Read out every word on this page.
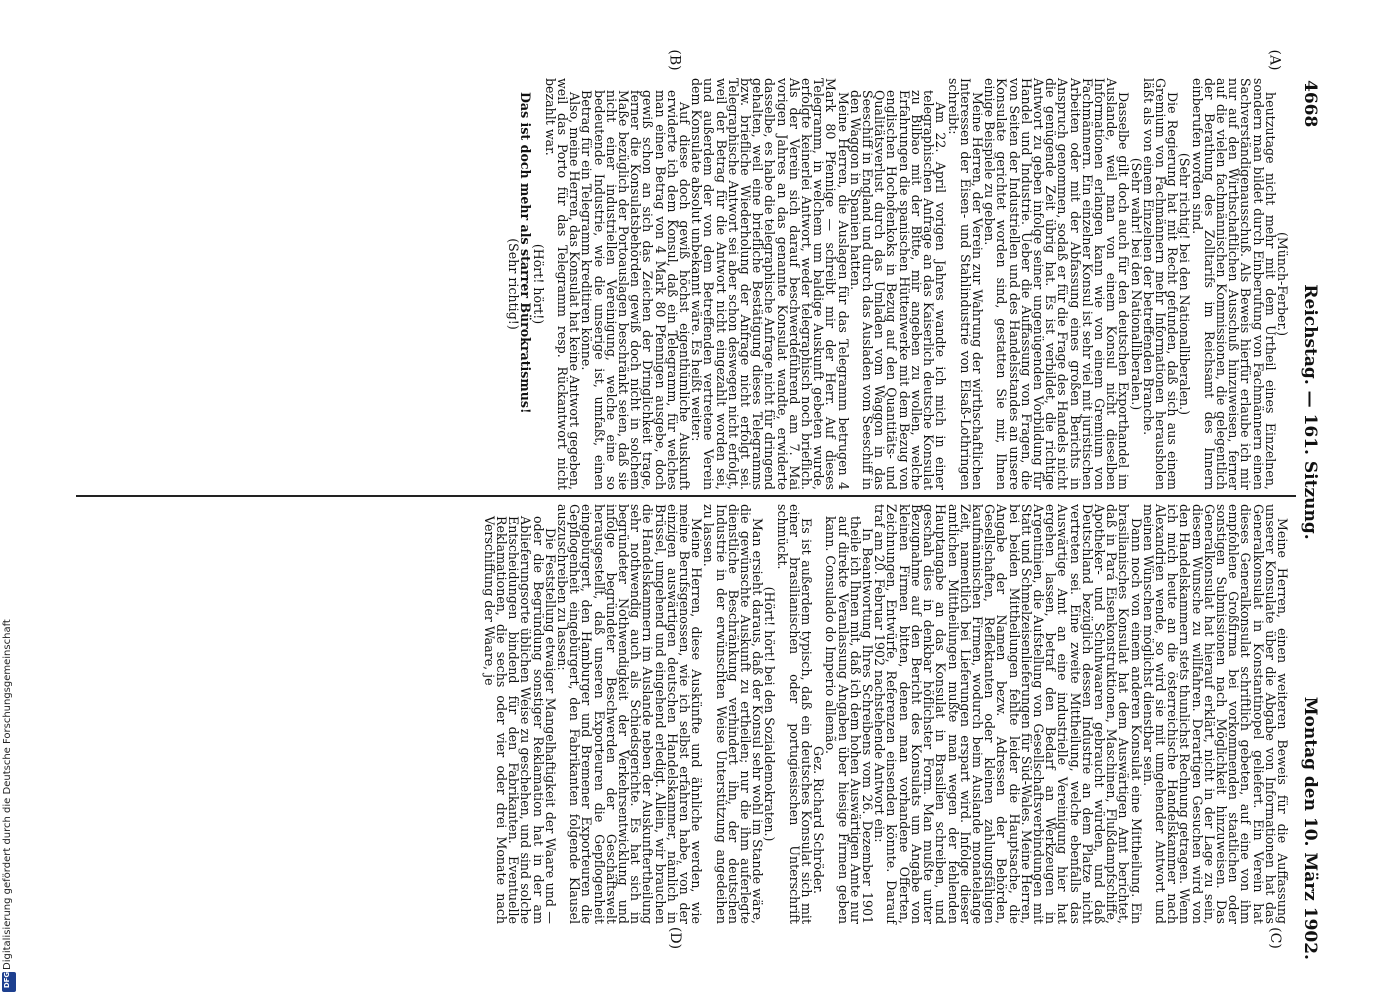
4668
Reichstag. — 161. Sitzung.
Montag den 10. März 1902.
(A)
(B)
(C)
(D)

(Münch-Ferber.)

heutzutage nicht mehr mit dem Urtheil eines Einzelnen, sondern man bildet durch Einberufung von Fachmännern einen Sachverständigenausschuß. Als Beweis hierfür erlaube ich mir nur auf den Wirthschaftlichen Ausschuß hinzuweisen, ferner auf die vielen fachmännischen Kommissionen, die gelegentlich der Berathung des Zolltarifs im Reichsamt des Innern einberufen worden sind.

(Sehr richtig! bei den Nationalliberalen.)

Die Regierung hat mit Recht gefunden, daß sich aus einem Gremium von Fachmännern mehr Informationen herausholen läßt als von einem Einzelnen der betreffenden Branche.

(Sehr wahr! bei den Nationalliberalen.)

Dasselbe gilt doch auch für den deutschen Exporthandel im Auslande, weil man von einem Konsul nicht dieselben Informationen erlangen kann wie von einem Gremium von Fachmännern. Ein einzelner Konsul ist sehr viel mit juristischen Arbeiten oder mit der Abfassung eines großen Berichts in Anspruch genommen, sodaß er für die Frage des Handels nicht die genügende Zeit übrig hat. Es ist verbildet, die richtige Antwort zu geben infolge seiner ungenügenden Vorbildung für Handel und Industrie. Ueber die Auffassung von Fragen, die von Seiten der Industriellen und des Handelsstandes an unsere Konsulate gerichtet worden sind, gestatten Sie mir, Ihnen einige Beispiele zu geben.

Meine Herren, der Verein zur Wahrung der wirthschaftlichen Interessen der Eisen- und Stahlindustrie von Elsaß-Lothringen schreibt:

Am 22. April vorigen Jahres wandte ich mich in einer telegraphischen Anfrage an das Kaiserlich deutsche Konsulat zu Bilbao mit der Bitte, mir angeben zu wollen, welche Erfahrungen die spanischen Hüttenwerke mit dem Bezug von englischen Hochofenkoks in Bezug auf den Quantitäts- und Qualitätsverlust durch das Umladen vom Waggon in das Seeschiff in England und durch das Ausladen vom Seeschiff in den Waggon in Spanien hatten.

Meine Herren, die Auslagen für das Telegramm betrugen 4 Mark 80 Pfennige — schreibt mir der Herr. Auf dieses Telegramm, in welchem um baldige Auskunft gebeten wurde, erfolgte keinerlei Antwort, weder telegraphisch noch brieflich. Als der Verein sich darauf beschwerdeführend am 7. Mai vorigen Jahres an das genannte Konsulat wandte, erwiderte dasselbe, es habe die telegraphische Anfrage nicht für dringend gehalten, weil eine briefliche Bestätigung dieses Telegramms bzw. briefliche Wiederholung der Anfrage nicht erfolgt sei. Telegraphische Antwort sei aber schon deswegen nicht erfolgt, weil der Betrag für die Antwort nicht eingezahlt worden sei, und außerdem der von dem Betreffenden vertretene Verein dem Konsulate absolut unbekannt wäre. Es heißt weiter:

Auf diese doch gewiß höchst eigenthümliche Auskunft erwiderte ich dem Konsul, daß ein Telegramm, für welches man einen Betrag von 4 Mark 80 Pfennigen ausgebe, doch gewiß schon an sich das Zeichen der Dringlichkeit trage, ferner die Konsulatsbehörden gewiß doch nicht in solchem Maße bezüglich der Portoauslagen beschränkt seien, daß sie nicht einer industriellen Vereinigung, welche eine so bedeutende Industrie, wie die unserige ist, umfaßt, einen Betrag für ein Telegramm kreditiren könne.

Also, meine Herren, das Konsulat hat keine Antwort gegeben, weil das Porto für das Telegramm resp. Rückantwort nicht bezahlt war.

(Hört! hört!)

Das ist doch mehr als starrer Bürokratismus!

(Sehr richtig!)

Meine Herren, einen weiteren Beweis für die Auffassung unserer Konsulate über die Abgabe von Informationen hat das Generalkonsulat in Konstantinopel geliefert. Ein Verein hat dieses Generalkonsulat schriftlich gebeten, auf eine von ihm empfohlene Großfirma bei vorkommenden staatlichen oder sonstigen Submissionen nach Möglichkeit hinzuweisen. Das Generalkonsulat hat hierauf erklärt, nicht in der Lage zu sein, diesem Wunsche zu willfahren. Derartigen Gesuchen wird von den Handelskammern stets thunlichst Rechnung getragen. Wenn ich mich heute an die österreichische Handelskammer nach Alexandrien wende, so wird sie mit umgehender Antwort und meinen Wünschen möglichst dienstbar sein.

Dann noch von einem anderen Konsulat eine Mittheilung. Ein brasilianisches Konsulat hat dem Auswärtigen Amt berichtet, daß in Pará Eisenkonstruktionen, Maschinen, Flußdampfschiffe, Apotheker- und Schuhwaaren gebraucht würden, und daß Deutschland bezüglich dessen Industrie an dem Platze nicht vertreten sei. Eine zweite Mittheilung, welche ebenfalls das Auswärtige Amt an eine industrielle Vereinigung hier hat ergehen lassen, betraf den Bedarf an Werkzeugen in Argentinien, die Aufstellung von Gesellschaftsverbindungen mit Statt und Schmelzeisenlieferungen für Süd-Wales. Meine Herren, bei beiden Mittheilungen fehlte leider die Hauptsache, die Angabe der Namen bezw. Adressen der Behörden, Gesellschaften, Reflektanten oder kleinen zahlungsfähigen kaufmännischen Firmen, wodurch beim Auslande monatelange Zeit, namentlich bei Lieferungen erspart wird. Infolge dieser amtlichen Mittheilungen mußte man wegen der fehlenden Hauptangabe an das Konsulat in Brasilien schreiben, und geschah dies in denkbar höflichster Form. Man mußte unter Bezugnahme auf den Bericht des Konsulats um Angabe von kleinen Firmen bitten, denen man vorhandene Offerten, Zeichnungen, Entwürfe, Referenzen einsenden könnte. Darauf traf am 20. Februar 1902 nachstehende Antwort ein:

In Beantwortung Ihres Schreibens vom 26. Dezember 1901 theile ich Ihnen mit, daß ich dem hohen Auswärtigen Amte nur auf direkte Veranlassung Angaben über hiesige Firmen geben kann. Consulado do Imperio allemão.

Gez. Richard Schröder.

Es ist außerdem typisch, daß ein deutsches Konsulat sich mit einer brasilianischen oder portugiesischen Unterschrift schmückt.

(Hört! hört! bei den Sozialdemokraten.)

Man ersieht daraus, daß der Konsul sehr wohl im Stande wäre, die gewünschte Auskunft zu ertheilen; nur die ihm auferlegte dienstliche Beschränkung verhindert ihn, der deutschen Industrie in der erwünschten Weise Unterstützung angedeihen zu lassen.

Meine Herren, diese Auskünfte und ähnliche werden, wie meine Berufsgenossen, wie ich selbst erfahren habe, von der einzigen auswärtigen deutschen Handelskammer, nämlich in Brüssel, umgehend und eingehend erledigt. Allein, wir brauchen die Handelskammern im Auslande neben der Auskunftertheilung sehr nothwendig auch als Schiedsgerichte. Es hat sich in begründeter Nothwendigkeit der Verkehrsentwicklung und infolge begründeter Beschwerden der Geschäftswelt herausgestellt, daß unseren Exporteuren die Gepflogenheit eingebürgert, den Hamburger und Bremener Exporteuren die Gepflogenheit eingebürgert, den Fabrikanten folgende Klausel auszuschreiben zu lassen:

Die Feststellung etwaiger Mangelhaftigkeit der Waare und — oder die Begründung sonstiger Reklamation hat in der am Ablieferungsorte üblichen Weise zu geschehen, und sind solche Entscheidungen bindend für den Fabrikanten. Eventuelle Reklamationen, die sechs oder vier oder drei Monate nach Verschiffung der Waare, je

Digitalisierung gefördert durch die Deutsche Forschungsgemeinschaft
DFG
